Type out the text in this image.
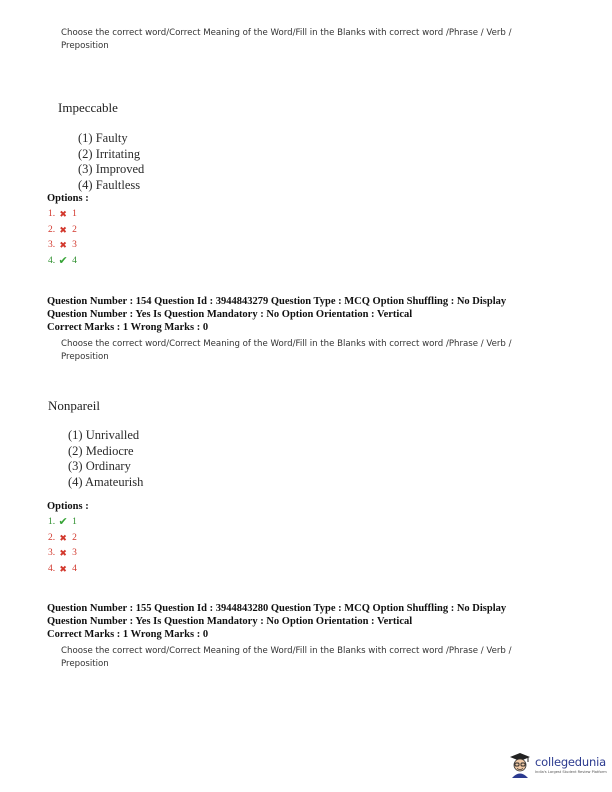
Choose the correct word/Correct Meaning of the Word/Fill in the Blanks with correct word /Phrase / Verb /
Preposition
Impeccable
(1) Faulty
(2) Irritating
(3) Improved
(4) Faultless
Options :
1. ✖ 1
2. ✖ 2
3. ✖ 3
4. ✔ 4
Question Number : 154 Question Id : 3944843279 Question Type : MCQ Option Shuffling : No Display
Question Number : Yes Is Question Mandatory : No Option Orientation : Vertical
Correct Marks : 1 Wrong Marks : 0
Choose the correct word/Correct Meaning of the Word/Fill in the Blanks with correct word /Phrase / Verb /
Preposition
Nonpareil
(1) Unrivalled
(2) Mediocre
(3) Ordinary
(4) Amateurish
Options :
1. ✔ 1
2. ✖ 2
3. ✖ 3
4. ✖ 4
Question Number : 155 Question Id : 3944843280 Question Type : MCQ Option Shuffling : No Display
Question Number : Yes Is Question Mandatory : No Option Orientation : Vertical
Correct Marks : 1 Wrong Marks : 0
Choose the correct word/Correct Meaning of the Word/Fill in the Blanks with correct word /Phrase / Verb /
Preposition
collegedunia
India's Largest Student Review Platform
